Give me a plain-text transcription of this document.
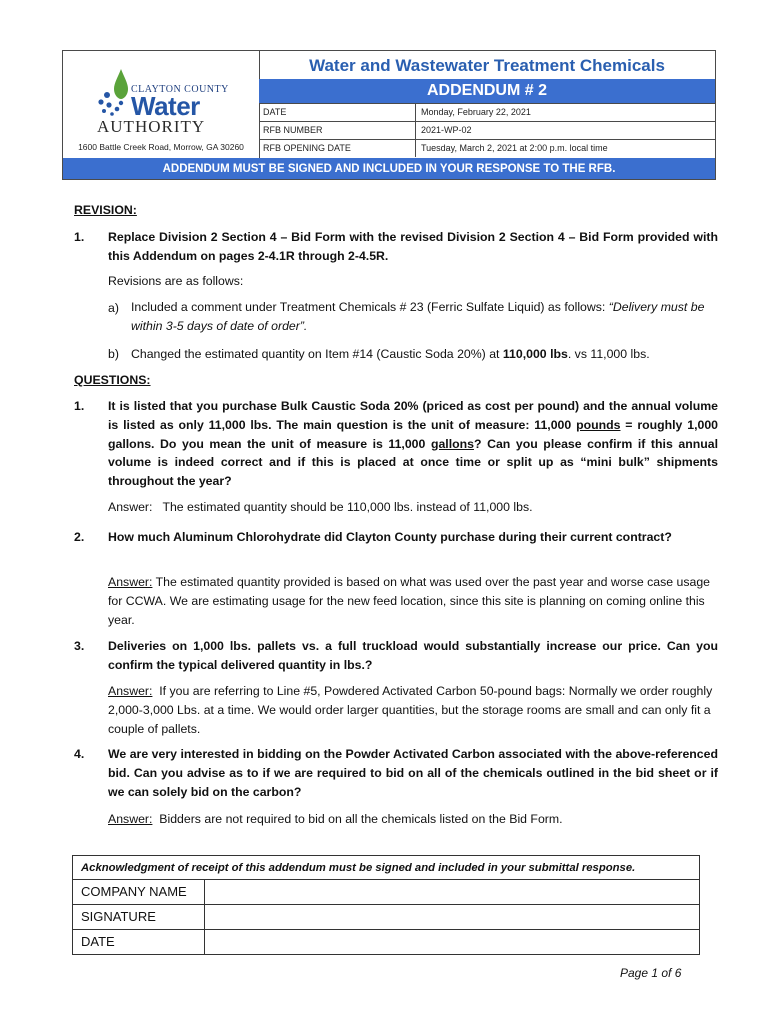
CLAYTON COUNTY
Water
AUTHORITY
1600 Battle Creek Road, Morrow, GA 30260
Water and Wastewater Treatment Chemicals
ADDENDUM # 2
DATE	Monday, February 22, 2021
RFB NUMBER	2021-WP-02
RFB OPENING DATE	Tuesday, March 2, 2021 at 2:00 p.m. local time
ADDENDUM MUST BE SIGNED AND INCLUDED IN YOUR RESPONSE TO THE RFB.
REVISION:
1. Replace Division 2 Section 4 – Bid Form with the revised Division 2 Section 4 – Bid Form provided with this Addendum on pages 2-4.1R through 2-4.5R.
Revisions are as follows:
a) Included a comment under Treatment Chemicals # 23 (Ferric Sulfate Liquid) as follows: “Delivery must be within 3-5 days of date of order”.
b) Changed the estimated quantity on Item #14 (Caustic Soda 20%) at 110,000 lbs. vs 11,000 lbs.
QUESTIONS:
1. It is listed that you purchase Bulk Caustic Soda 20% (priced as cost per pound) and the annual volume is listed as only 11,000 lbs. The main question is the unit of measure: 11,000 pounds = roughly 1,000 gallons. Do you mean the unit of measure is 11,000 gallons? Can you please confirm if this annual volume is indeed correct and if this is placed at once time or split up as “mini bulk” shipments throughout the year?
Answer: The estimated quantity should be 110,000 lbs. instead of 11,000 lbs.
2. How much Aluminum Chlorohydrate did Clayton County purchase during their current contract?
Answer: The estimated quantity provided is based on what was used over the past year and worse case usage for CCWA. We are estimating usage for the new feed location, since this site is planning on coming online this year.
3. Deliveries on 1,000 lbs. pallets vs. a full truckload would substantially increase our price. Can you confirm the typical delivered quantity in lbs.?
Answer: If you are referring to Line #5, Powdered Activated Carbon 50-pound bags: Normally we order roughly 2,000-3,000 Lbs. at a time. We would order larger quantities, but the storage rooms are small and can only fit a couple of pallets.
4. We are very interested in bidding on the Powder Activated Carbon associated with the above-referenced bid. Can you advise as to if we are required to bid on all of the chemicals outlined in the bid sheet or if we can solely bid on the carbon?
Answer: Bidders are not required to bid on all the chemicals listed on the Bid Form.
Acknowledgment of receipt of this addendum must be signed and included in your submittal response.
COMPANY NAME
SIGNATURE
DATE
Page 1 of 6
